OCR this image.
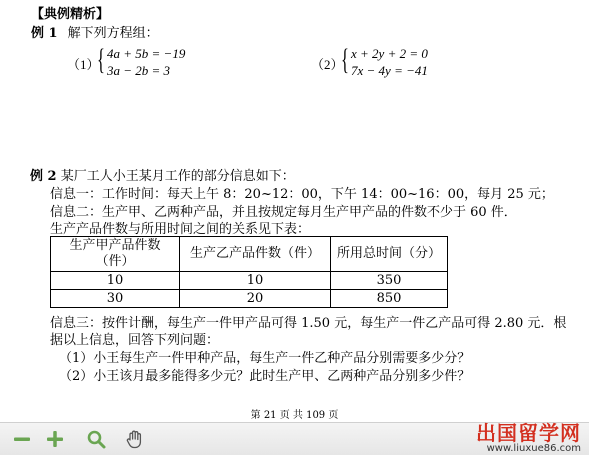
【典例精析】
例 1 解下列方程组：
（1）
{ 4a + 5b = −19
3a − 2b = 3	（2）
{ x + 2y + 2 = 0
7x − 4y = −41
例 2 某厂工人小王某月工作的部分信息如下：
信息一：工作时间：每天上午 8：20~12：00，下午 14：00~16：00，每月 25 元；
信息二：生产甲、乙两种产品，并且按规定每月生产甲产品的件数不少于 60 件．
生产产品件数与所用时间之间的关系见下表：
生产甲产品件数
（件）	生产乙产品件数（件）	所用总时间（分）
10	10	350
30	20	850
信息三：按件计酬，每生产一件甲产品可得 1.50 元，每生产一件乙产品可得 2.80 元．根
据以上信息，回答下列问题：
（1）小王每生产一件甲种产品，每生产一件乙种产品分别需要多少分？
（2）小王该月最多能得多少元？此时生产甲、乙两种产品分别多少件？
第 21 页 共 109 页
出国留学网
www.liuxue86.com
